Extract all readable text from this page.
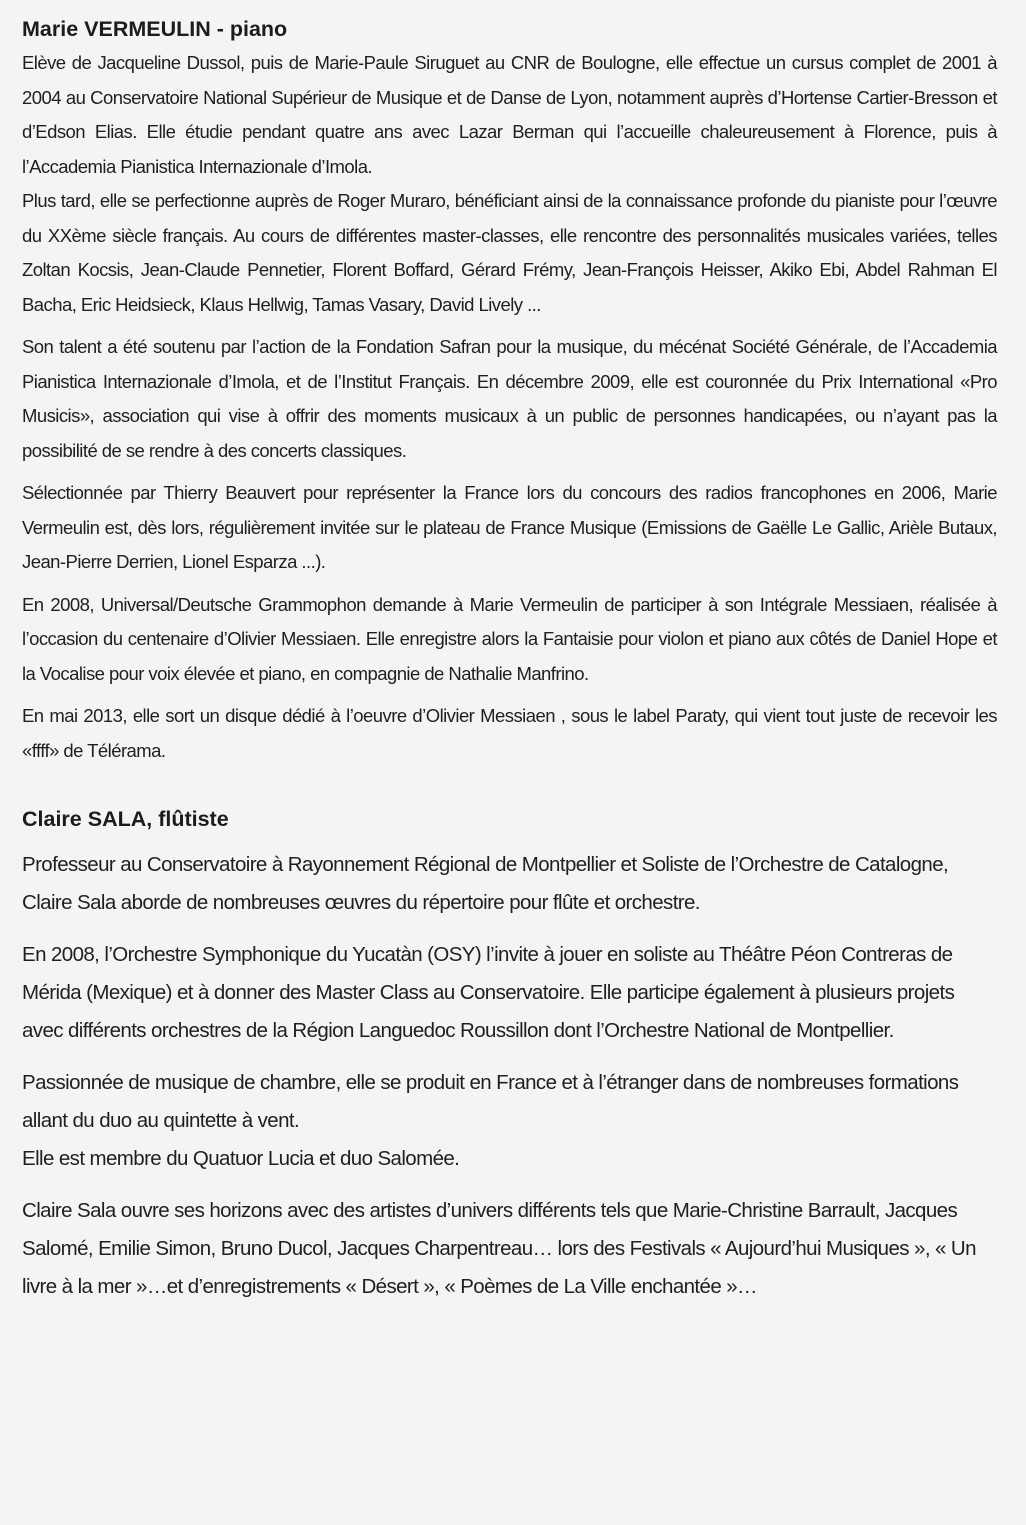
Marie VERMEULIN - piano

Elève de Jacqueline Dussol, puis de Marie-Paule Siruguet au CNR de Boulogne, elle effectue un cursus complet de 2001 à 2004 au Conservatoire National Supérieur de Musique et de Danse de Lyon, notamment auprès d’Hortense Cartier-Bresson et d’Edson Elias. Elle étudie pendant quatre ans avec Lazar Berman qui l’accueille chaleureusement à Florence, puis à l’Accademia Pianistica Internazionale d’Imola.

Plus tard, elle se perfectionne auprès de Roger Muraro, bénéficiant ainsi de la connaissance profonde du pianiste pour l’œuvre du XXème siècle français. Au cours de différentes master-classes, elle rencontre des personnalités musicales variées, telles Zoltan Kocsis, Jean-Claude Pennetier, Florent Boffard, Gérard Frémy, Jean-François Heisser, Akiko Ebi, Abdel Rahman El Bacha, Eric Heidsieck, Klaus Hellwig, Tamas Vasary, David Lively ...

Son talent a été soutenu par l’action de la Fondation Safran pour la musique, du mécénat Société Générale, de l’Accademia Pianistica Internazionale d’Imola, et de l’Institut Français. En décembre 2009, elle est couronnée du Prix International «Pro Musicis», association qui vise à offrir des moments musicaux à un public de personnes handicapées, ou n’ayant pas la possibilité de se rendre à des concerts classiques.

Sélectionnée par Thierry Beauvert pour représenter la France lors du concours des radios francophones en 2006, Marie Vermeulin est, dès lors, régulièrement invitée sur le plateau de France Musique (Emissions de Gaëlle Le Gallic, Arièle Butaux, Jean-Pierre Derrien, Lionel Esparza ...).

En 2008, Universal/Deutsche Grammophon demande à Marie Vermeulin de participer à son Intégrale Messiaen, réalisée à l’occasion du centenaire d’Olivier Messiaen. Elle enregistre alors la Fantaisie pour violon et piano aux côtés de Daniel Hope et la Vocalise pour voix élevée et piano, en compagnie de Nathalie Manfrino.

En mai 2013, elle sort un disque dédié à l’oeuvre d’Olivier Messiaen , sous le label Paraty, qui vient tout juste de recevoir les «ffff» de Télérama.

Claire SALA, flûtiste

Professeur au Conservatoire à Rayonnement Régional de Montpellier et Soliste de l’Orchestre de Catalogne, Claire Sala aborde de nombreuses œuvres du répertoire pour flûte et orchestre.

En 2008, l’Orchestre Symphonique du Yucatàn (OSY) l’invite à jouer en soliste au Théâtre Péon Contreras de Mérida (Mexique) et à donner des Master Class au Conservatoire. Elle participe également à plusieurs projets avec différents orchestres de la Région Languedoc Roussillon dont l’Orchestre National de Montpellier.

Passionnée de musique de chambre, elle se produit en France et à l’étranger dans de nombreuses formations allant du duo au quintette à vent.

Elle est membre du Quatuor Lucia et duo Salomée.

Claire Sala ouvre ses horizons avec des artistes d’univers différents tels que Marie-Christine Barrault, Jacques Salomé, Emilie Simon, Bruno Ducol, Jacques Charpentreau… lors des Festivals « Aujourd’hui Musiques », « Un livre à la mer »…et d’enregistrements « Désert », « Poèmes de La Ville enchantée »…
